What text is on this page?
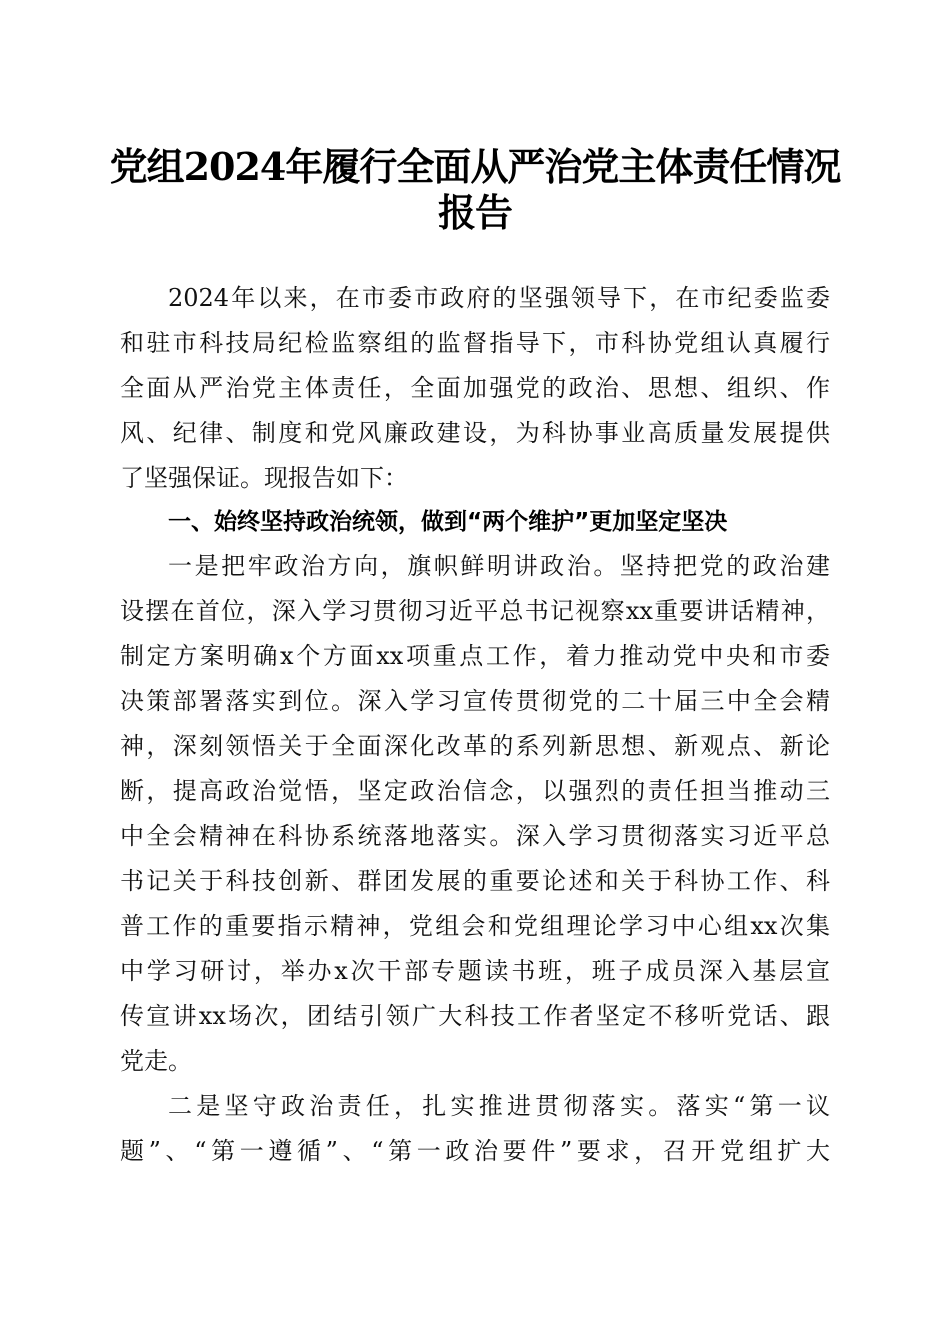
党组2024年履行全面从严治党主体责任情况
报告
2024年以来，在市委市政府的坚强领导下，在市纪委监委
和驻市科技局纪检监察组的监督指导下，市科协党组认真履行
全面从严治党主体责任，全面加强党的政治、思想、组织、作
风、纪律、制度和党风廉政建设，为科协事业高质量发展提供
了坚强保证。现报告如下：
一、始终坚持政治统领，做到“两个维护”更加坚定坚决
一是把牢政治方向，旗帜鲜明讲政治。坚持把党的政治建
设摆在首位，深入学习贯彻习近平总书记视察xx重要讲话精神，
制定方案明确x个方面xx项重点工作，着力推动党中央和市委
决策部署落实到位。深入学习宣传贯彻党的二十届三中全会精
神，深刻领悟关于全面深化改革的系列新思想、新观点、新论
断，提高政治觉悟，坚定政治信念，以强烈的责任担当推动三
中全会精神在科协系统落地落实。深入学习贯彻落实习近平总
书记关于科技创新、群团发展的重要论述和关于科协工作、科
普工作的重要指示精神，党组会和党组理论学习中心组xx次集
中学习研讨，举办x次干部专题读书班，班子成员深入基层宣
传宣讲xx场次，团结引领广大科技工作者坚定不移听党话、跟
党走。
二是坚守政治责任，扎实推进贯彻落实。落实“第一议
题”、“第一遵循”、“第一政治要件”要求，召开党组扩大
